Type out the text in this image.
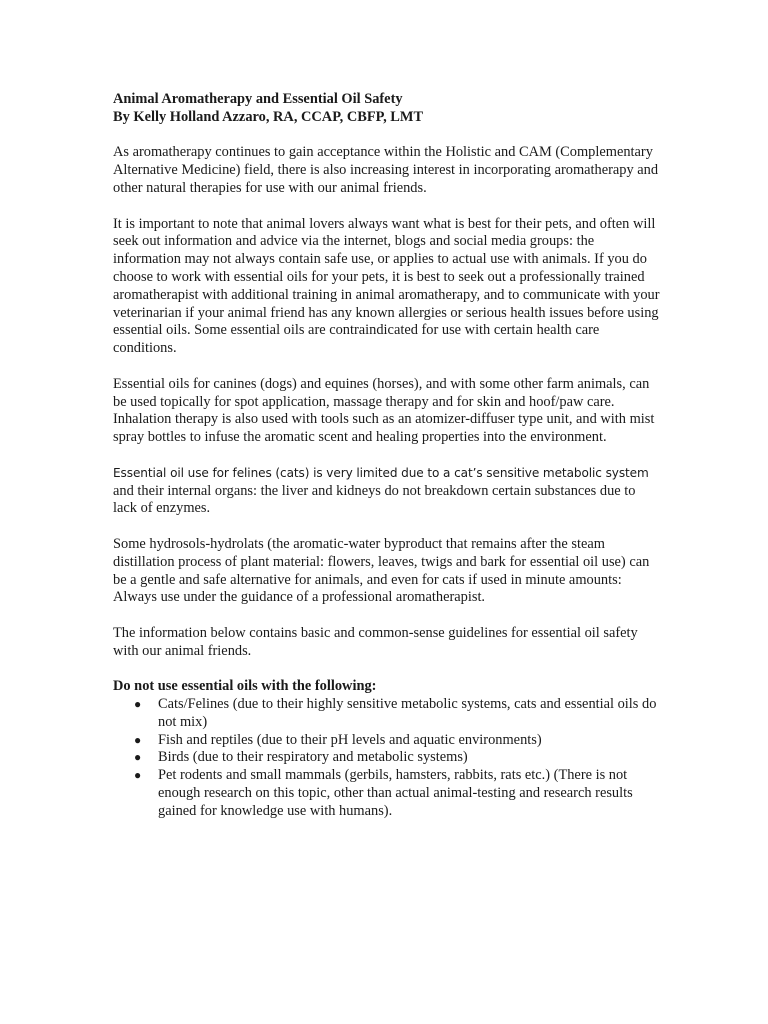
Animal Aromatherapy and Essential Oil Safety

By Kelly Holland Azzaro, RA, CCAP, CBFP, LMT

As aromatherapy continues to gain acceptance within the Holistic and CAM (Complementary Alternative Medicine) field, there is also increasing interest in incorporating aromatherapy and other natural therapies for use with our animal friends.

It is important to note that animal lovers always want what is best for their pets, and often will seek out information and advice via the internet, blogs and social media groups: the information may not always contain safe use, or applies to actual use with animals. If you do choose to work with essential oils for your pets, it is best to seek out a professionally trained aromatherapist with additional training in animal aromatherapy, and to communicate with your veterinarian if your animal friend has any known allergies or serious health issues before using essential oils. Some essential oils are contraindicated for use with certain health care conditions.

Essential oils for canines (dogs) and equines (horses), and with some other farm animals, can be used topically for spot application, massage therapy and for skin and hoof/paw care. Inhalation therapy is also used with tools such as an atomizer-diffuser type unit, and with mist spray bottles to infuse the aromatic scent and healing properties into the environment.

Essential oil use for felines (cats) is very limited due to a cat’s sensitive metabolic system
and their internal organs: the liver and kidneys do not breakdown certain substances due to lack of enzymes.

Some hydrosols-hydrolats (the aromatic-water byproduct that remains after the steam distillation process of plant material: flowers, leaves, twigs and bark for essential oil use) can be a gentle and safe alternative for animals, and even for cats if used in minute amounts: Always use under the guidance of a professional aromatherapist.

The information below contains basic and common-sense guidelines for essential oil safety with our animal friends.

Do not use essential oils with the following:

● Cats/Felines (due to their highly sensitive metabolic systems, cats and essential oils do not mix)
● Fish and reptiles (due to their pH levels and aquatic environments)
● Birds (due to their respiratory and metabolic systems)
● Pet rodents and small mammals (gerbils, hamsters, rabbits, rats etc.) (There is not enough research on this topic, other than actual animal-testing and research results gained for knowledge use with humans).
